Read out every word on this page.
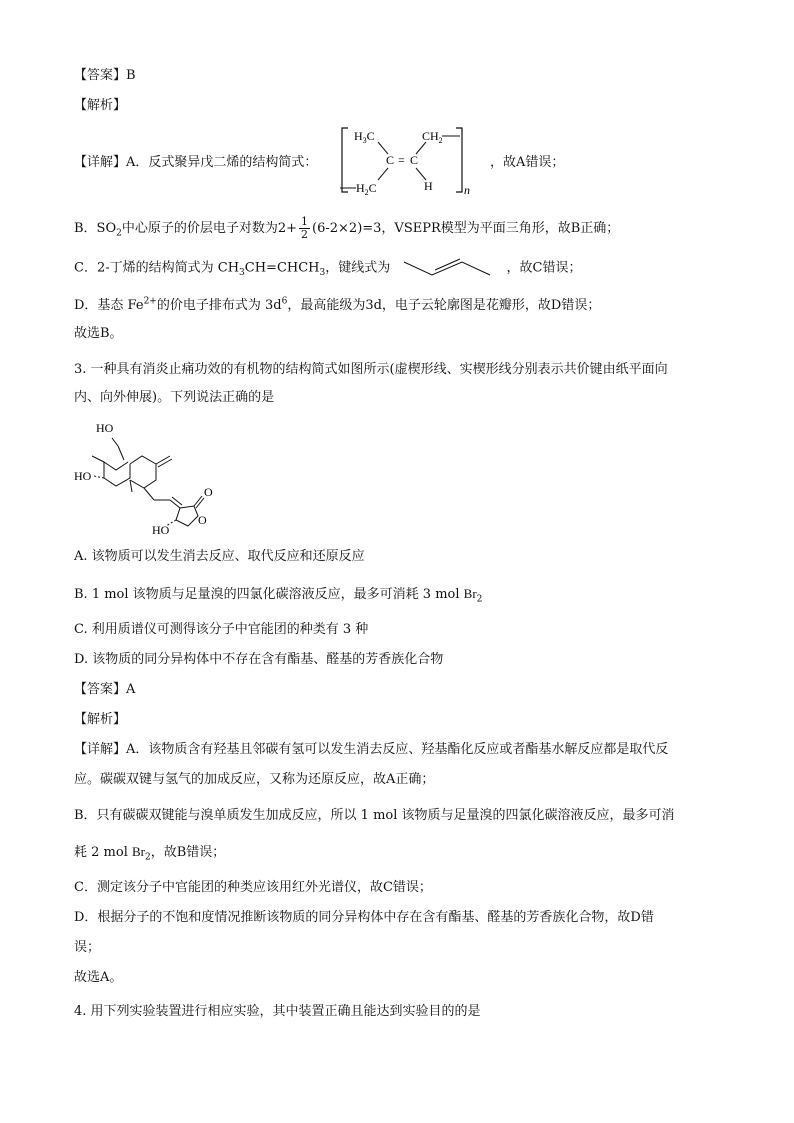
【答案】B
【解析】
【详解】A．反式聚异戊二烯的结构简式：
$H_3C$	$CH_2$
C = C
$H_2C$	H	n
，故A错误；
B．$SO_2$中心原子的价层电子对数为$2+ \frac{1}{2} (6-2\times 2)=3$，VSEPR模型为平面三角形，故B正确；
C．2-丁烯的结构简式为 $CH_3CH=CHCH_3$，键线式为	，故C错误；
D．基态 $Fe^{2+}$的价电子排布式为 $3d^6$，最高能级为3d，电子云轮廓图是花瓣形，故D错误；
故选B。
3. 一种具有消炎止痛功效的有机物的结构简式如图所示(虚楔形线、实楔形线分别表示共价键由纸平面向
内、向外伸展)。下列说法正确的是
HO
HO
HO
O
O
A. 该物质可以发生消去反应、取代反应和还原反应
B. 1 mol 该物质与足量溴的四氯化碳溶液反应，最多可消耗 3 mol $Br_2$
C. 利用质谱仪可测得该分子中官能团的种类有 3 种
D. 该物质的同分异构体中不存在含有酯基、醛基的芳香族化合物
【答案】A
【解析】
【详解】A．该物质含有羟基且邻碳有氢可以发生消去反应、羟基酯化反应或者酯基水解反应都是取代反
应。碳碳双键与氢气的加成反应，又称为还原反应，故A正确；
B．只有碳碳双键能与溴单质发生加成反应，所以 1 mol 该物质与足量溴的四氯化碳溶液反应，最多可消
耗 2 mol $Br_2$，故B错误；
C．测定该分子中官能团的种类应该用红外光谱仪，故C错误；
D．根据分子的不饱和度情况推断该物质的同分异构体中存在含有酯基、醛基的芳香族化合物，故D错
误；
故选A。
4. 用下列实验装置进行相应实验，其中装置正确且能达到实验目的的是
